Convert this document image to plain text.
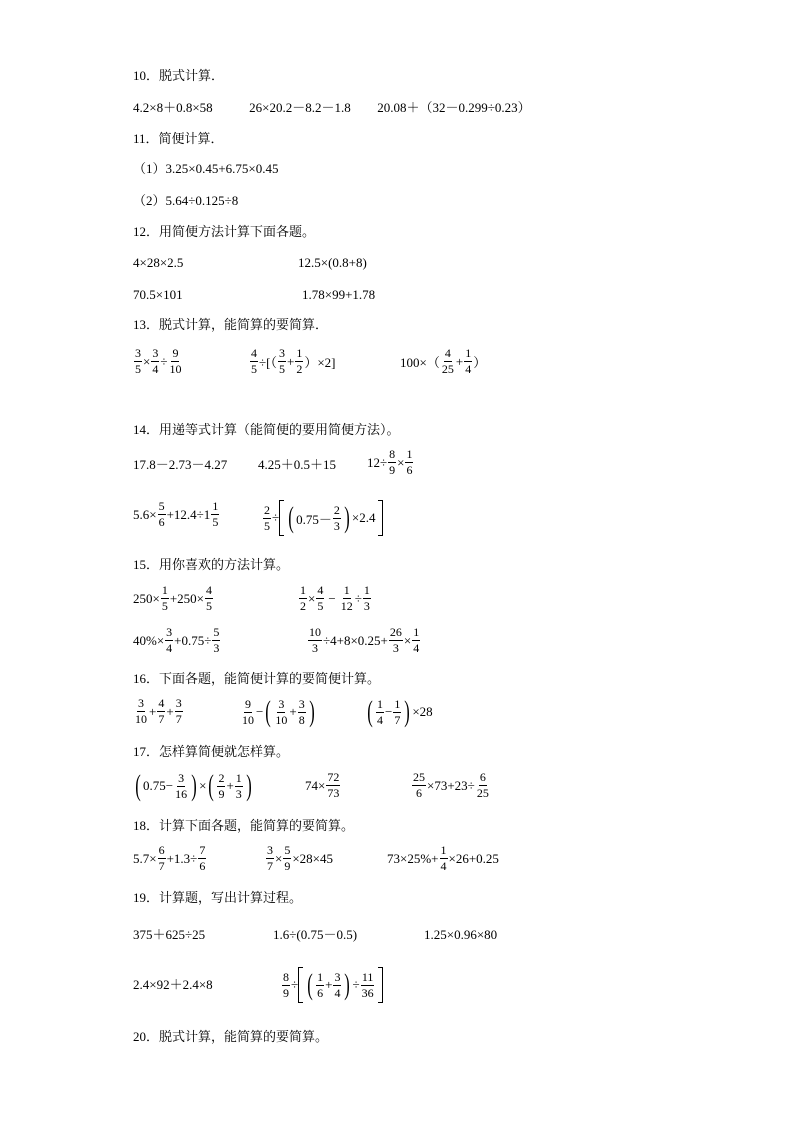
10．脱式计算．
4.2×8＋0.8×58	26×20.2－8.2－1.8 20.08＋（32－0.299÷0.23）
11．简便计算．
（1）3.25×0.45+6.75×0.45
（2）5.64÷0.125÷8
12．用简便方法计算下面各题。
4×28×2.5	12.5×(0.8+8)
70.5×101	1.78×99+1.78
13．脱式计算，能简算的要简算．
$\frac{3}{5} \times \frac{3}{4} \div \frac{9}{10}$	$\frac{4}{5}$ ÷[（ $\frac{3}{5} + \frac{1}{2} )\times 2$]	$100\times( \frac{4}{25} + \frac{1}{4}$ ）
14．用递等式计算（能简便的要用简便方法）。
17.8－2.73－4.27 4.25＋0.5＋15 $12\div \frac{8}{9} \times \frac{1}{6}$
$5.6\times \frac{5}{6} +12.4\div 1 \frac{1}{5}$	$\frac{2}{5}$ ÷ ( $0.75- \frac{2}{3}$ ) ×2.4
15．用你喜欢的方法计算。
$250\times \frac{1}{5} +250\times \frac{4}{5}$	$\frac{1}{2} \times \frac{4}{5} - \frac{1}{12} \div \frac{1}{3}$
$40\%\times \frac{3}{4} +0.75\div \frac{5}{3}$	$\frac{10}{3} \div 4+8\times 0.25+ \frac{26}{3} \times \frac{1}{4}$
16．下面各题，能简便计算的要简便计算。
$\frac{3}{10} + \frac{4}{7} + \frac{3}{7}$	$\frac{9}{10}$ − ( $\frac{3}{10} + \frac{3}{8}$ ) ( $\frac{1}{4} - \frac{1}{7}$ ) ×28
17．怎样算简便就怎样算。
( $0.75- \frac{3}{16}$ ) × ( $\frac{2}{9} + \frac{1}{3}$ )	$74\times \frac{72}{73}$	$\frac{25}{6} \times 73+23\div \frac{6}{25}$
18．计算下面各题，能简算的要简算。
$5.7\times \frac{6}{7} +1.3\div \frac{7}{6}$	$\frac{3}{7} \times \frac{5}{9} \times 28\times 45$	$73\times 25\%+ \frac{1}{4} \times 26+0.25$
19．计算题，写出计算过程。
375＋625÷25	1.6÷(0.75－0.5)	1.25×0.96×80
2.4×92＋2.4×8	$\frac{8}{9}$ ÷ ( $\frac{1}{6} + \frac{3}{4}$ ) ÷ $\frac{11}{36}$
20．脱式计算，能简算的要简算。
